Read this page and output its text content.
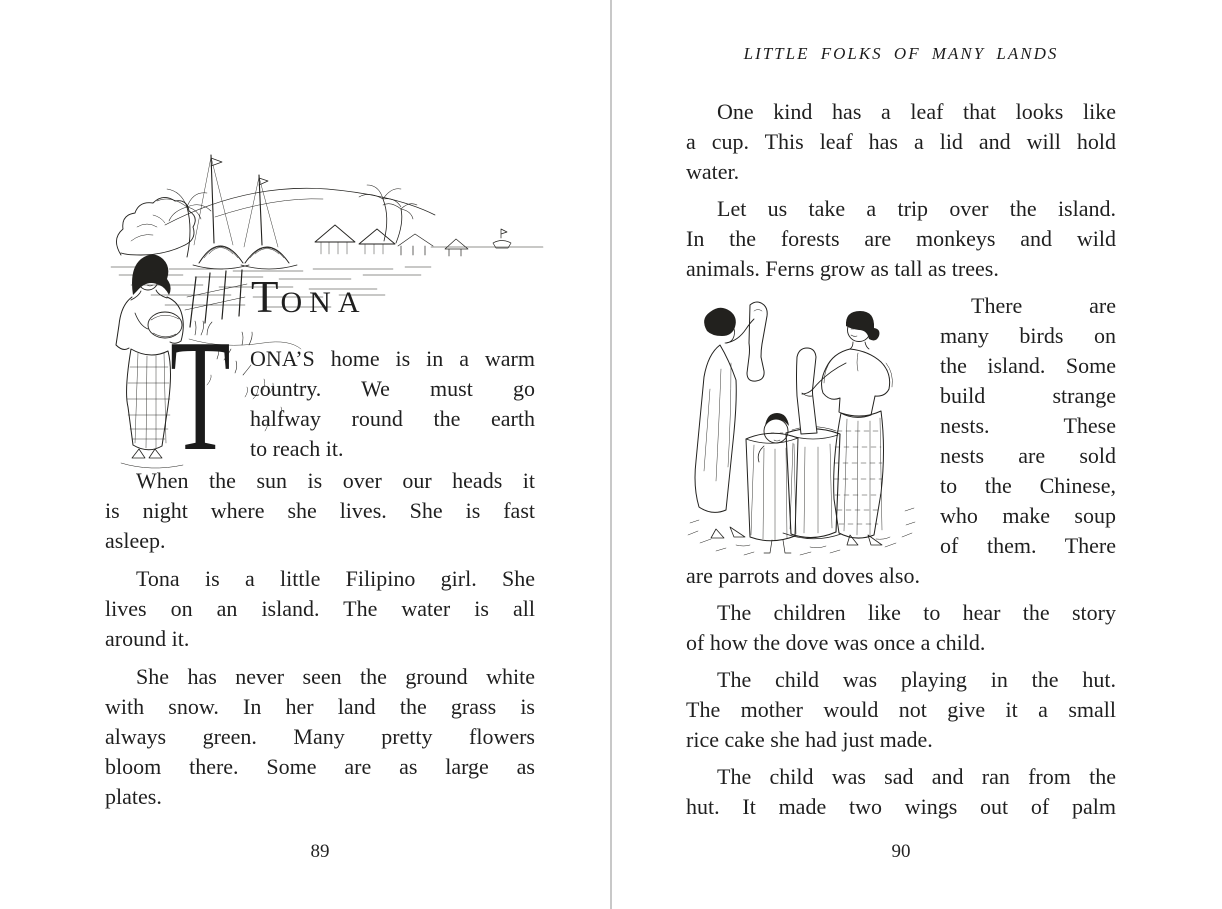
T ONA
T ONA’S home is in a warm
country. We must go
halfway round the earth
to reach it.
When the sun is over our heads it
is night where she lives. She is fast
asleep.
Tona is a little Filipino girl. She
lives on an island. The water is all
around it.
She has never seen the ground white
with snow. In her land the grass is
always green. Many pretty flowers
bloom there. Some are as large as
plates.
89
LITTLE FOLKS OF MANY LANDS
One kind has a leaf that looks like
a cup. This leaf has a lid and will hold
water.
Let us take a trip over the island.
In the forests are monkeys and wild
animals. Ferns grow as tall as trees.
There are
many birds on
the island. Some
build strange
nests. These
nests are sold
to the Chinese,
who make soup
of them. There
are parrots and doves also.
The children like to hear the story
of how the dove was once a child.
The child was playing in the hut.
The mother would not give it a small
rice cake she had just made.
The child was sad and ran from the
hut. It made two wings out of palm
90
